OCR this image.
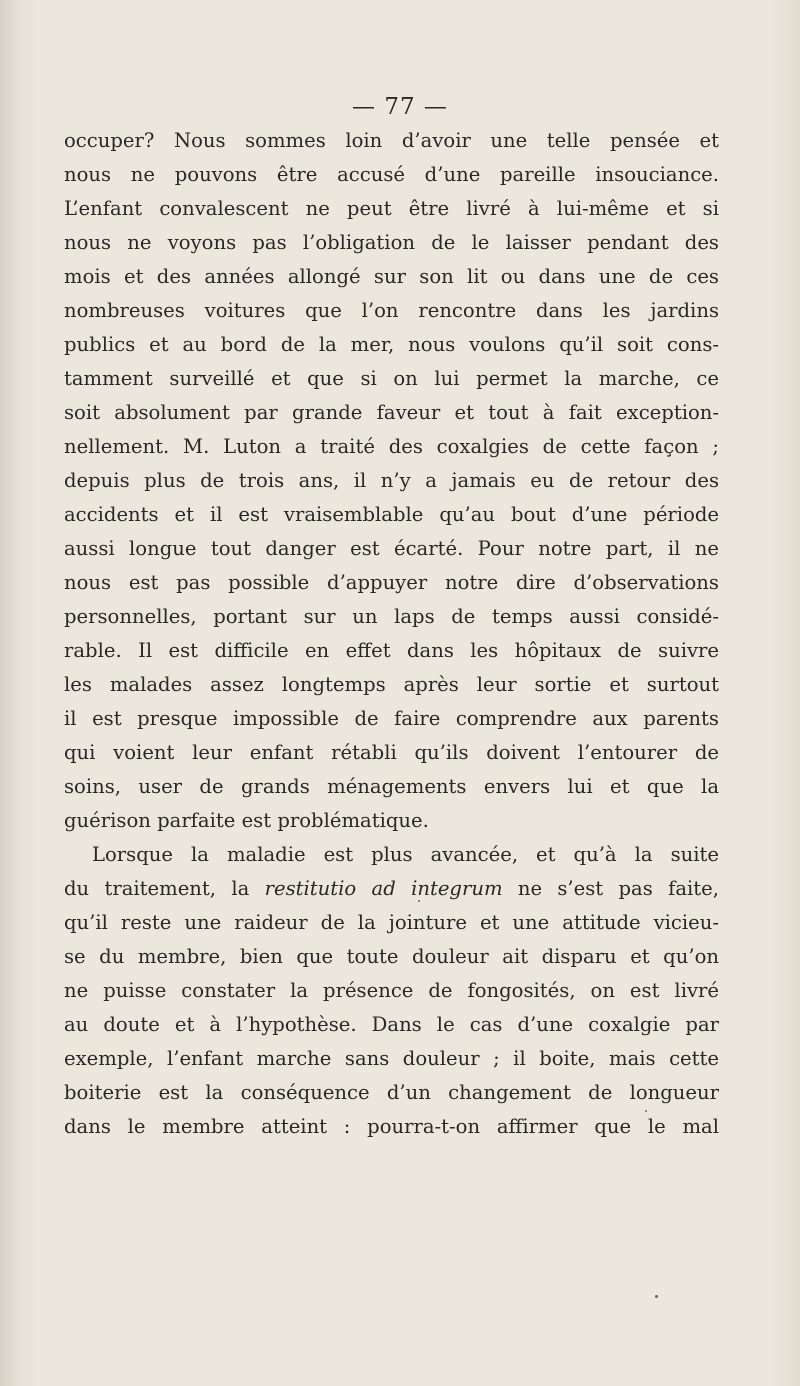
— 77 —
occuper? Nous sommes loin d’avoir une telle pensée et
nous ne pouvons être accusé d’une pareille insouciance.
L’enfant convalescent ne peut être livré à lui-même et si
nous ne voyons pas l’obligation de le laisser pendant des
mois et des années allongé sur son lit ou dans une de ces
nombreuses voitures que l’on rencontre dans les jardins
publics et au bord de la mer, nous voulons qu’il soit cons-
tamment surveillé et que si on lui permet la marche, ce
soit absolument par grande faveur et tout à fait exception-
nellement. M. Luton a traité des coxalgies de cette façon ;
depuis plus de trois ans, il n’y a jamais eu de retour des
accidents et il est vraisemblable qu’au bout d’une période
aussi longue tout danger est écarté. Pour notre part, il ne
nous est pas possible d’appuyer notre dire d’observations
personnelles, portant sur un laps de temps aussi considé-
rable. Il est difficile en effet dans les hôpitaux de suivre
les malades assez longtemps après leur sortie et surtout
il est presque impossible de faire comprendre aux parents
qui voient leur enfant rétabli qu’ils doivent l’entourer de
soins, user de grands ménagements envers lui et que la
guérison parfaite est problématique.
Lorsque la maladie est plus avancée, et qu’à la suite
du traitement, la restitutio ad integrum ne s’est pas faite,
qu’il reste une raideur de la jointure et une attitude vicieu-
se du membre, bien que toute douleur ait disparu et qu’on
ne puisse constater la présence de fongosités, on est livré
au doute et à l’hypothèse. Dans le cas d’une coxalgie par
exemple, l’enfant marche sans douleur ; il boite, mais cette
boiterie est la conséquence d’un changement de longueur
dans le membre atteint : pourra-t-on affirmer que le mal
